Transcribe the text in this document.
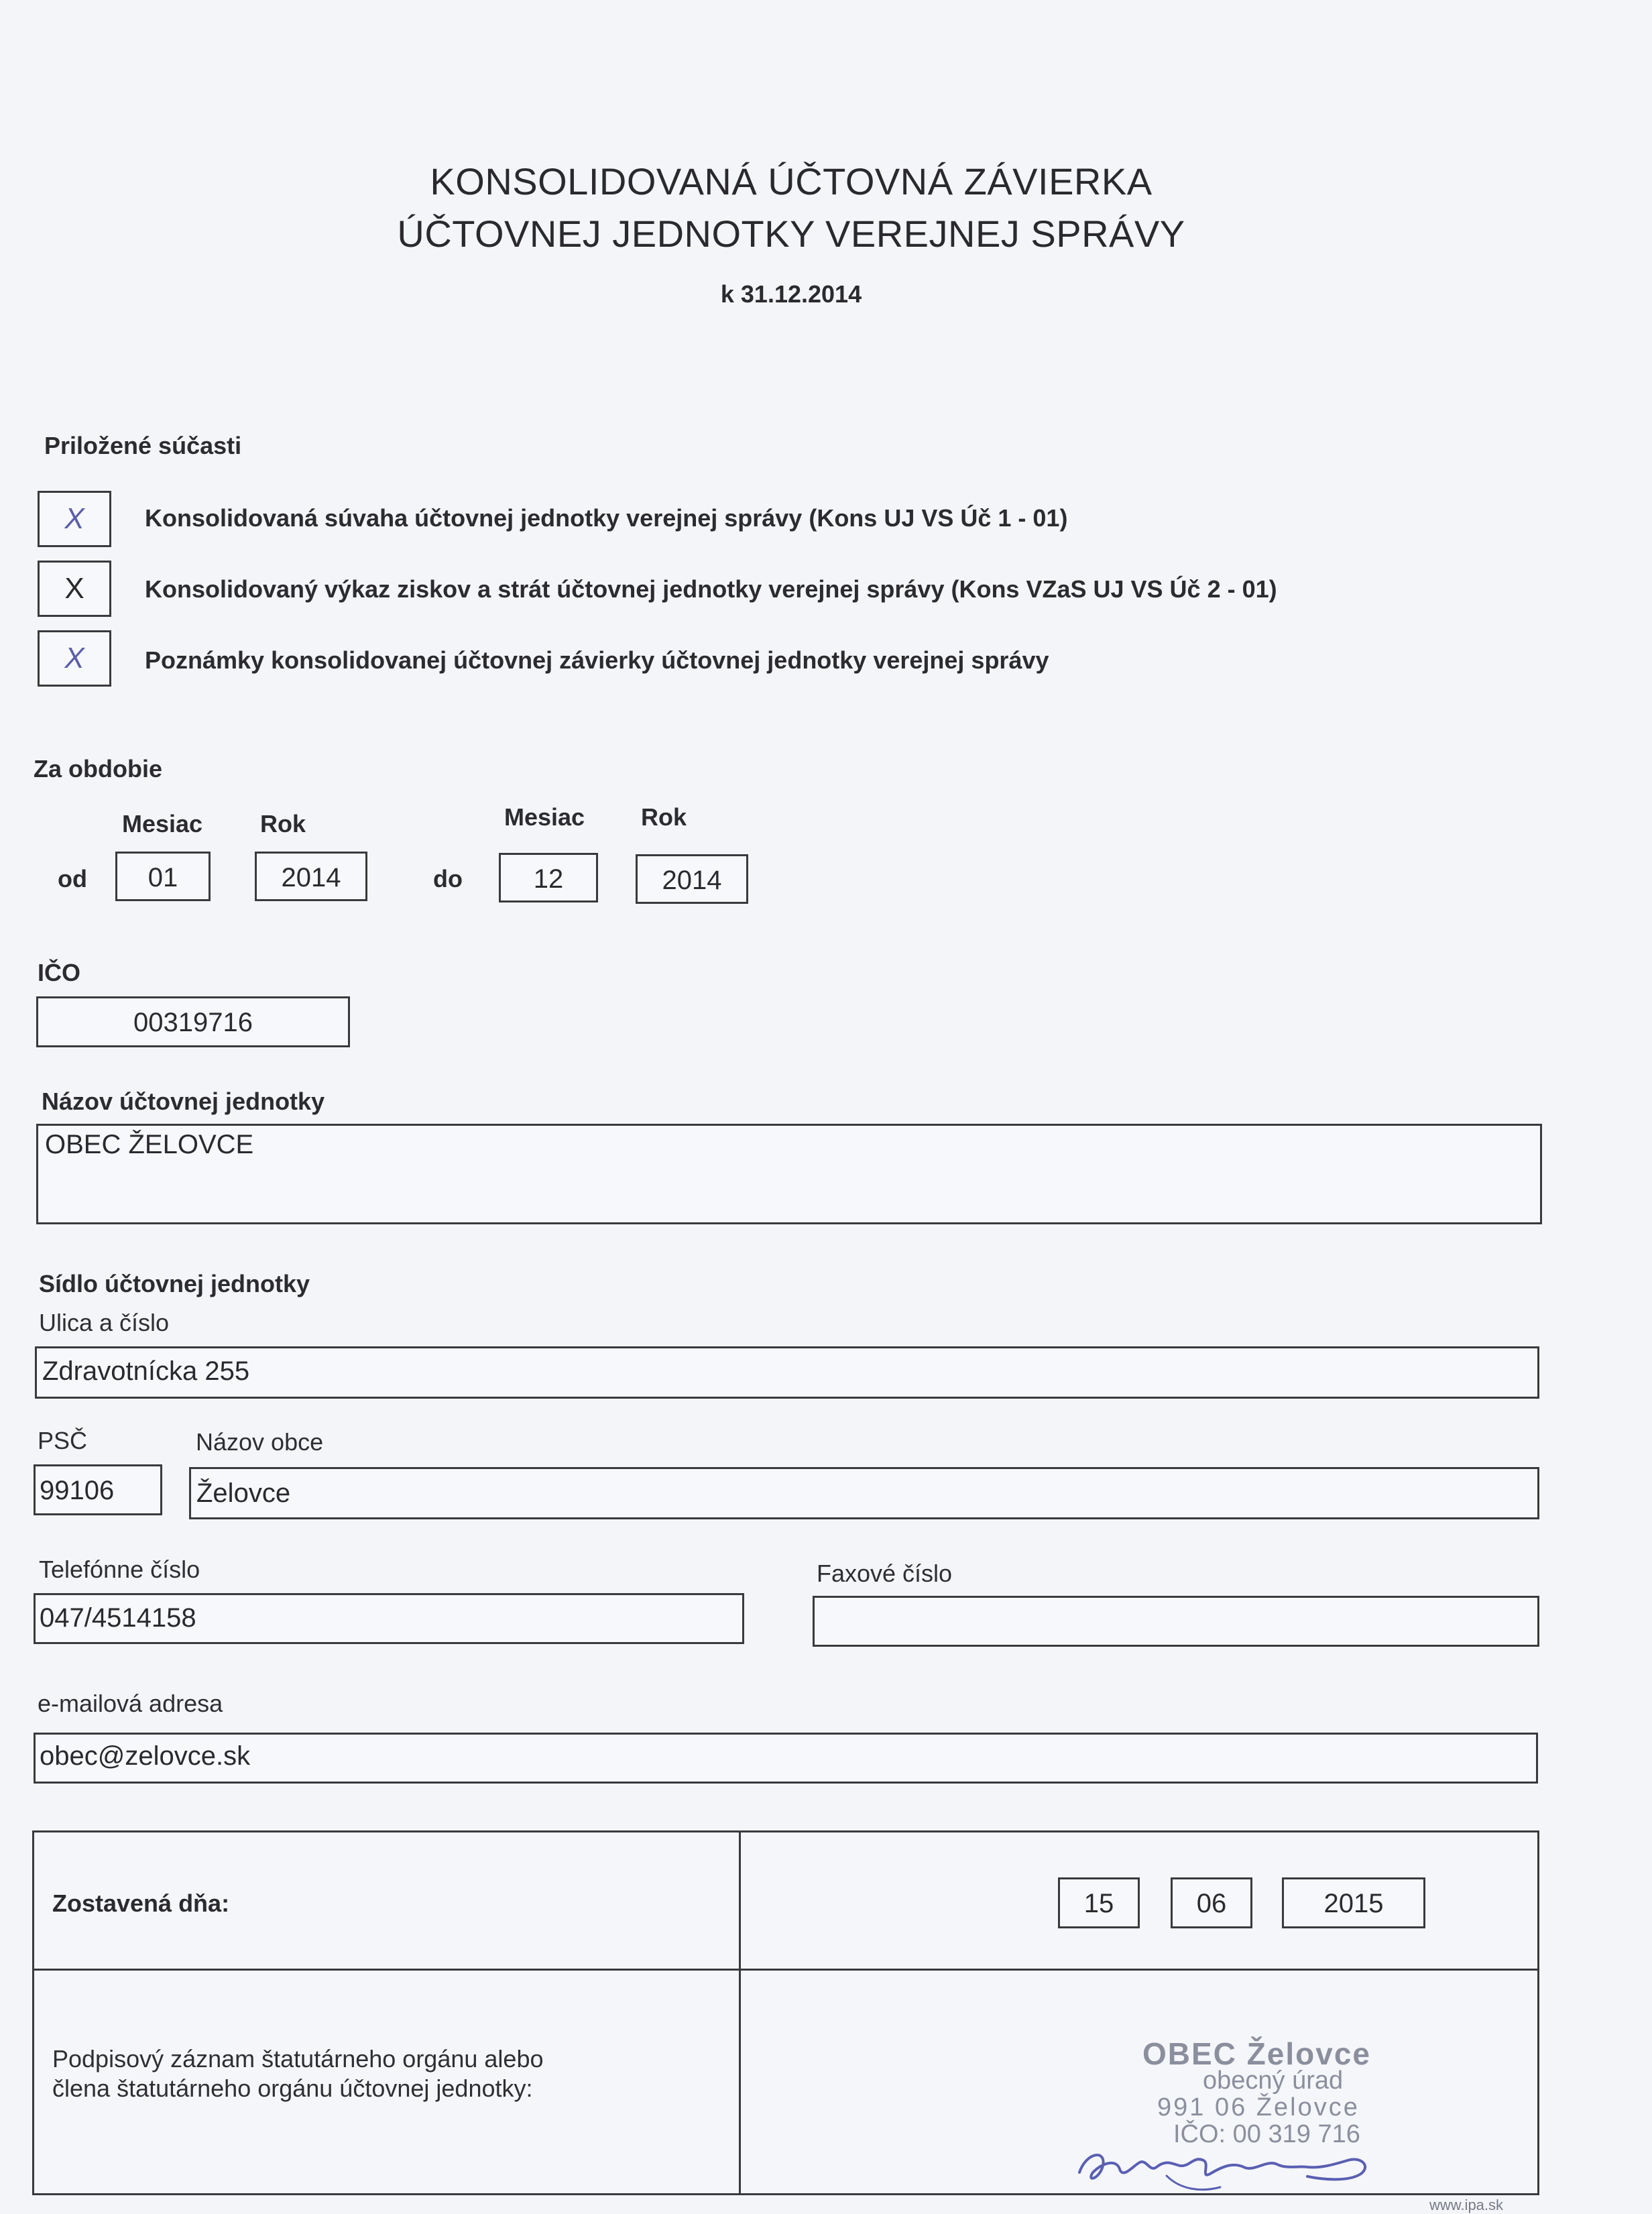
KONSOLIDOVANÁ ÚČTOVNÁ ZÁVIERKA
ÚČTOVNEJ JEDNOTKY VEREJNEJ SPRÁVY
k 31.12.2014
Priložené súčasti
X	Konsolidovaná súvaha účtovnej jednotky verejnej správy (Kons UJ VS Úč 1 - 01)
X	Konsolidovaný výkaz ziskov a strát účtovnej jednotky verejnej správy (Kons VZaS UJ VS Úč 2 - 01)
X	Poznámky konsolidovanej účtovnej závierky účtovnej jednotky verejnej správy
Za obdobie
Mesiac Rok	Mesiac Rok
od	01	2014	do	12	2014
IČO
00319716
Názov účtovnej jednotky
OBEC ŽELOVCE
Sídlo účtovnej jednotky
Ulica a číslo
Zdravotnícka 255
PSČ	Názov obce
99106	Želovce
Telefónne číslo	Faxové číslo
047/4514158
e-mailová adresa
obec@zelovce.sk
Zostavená dňa:	15	06	2015
Podpisový záznam štatutárneho orgánu alebo
člena štatutárneho orgánu účtovnej jednotky:
OBEC Želovce
obecný úrad
991 06 Želovce
IČO: 00 319 716
www.ipa.sk
